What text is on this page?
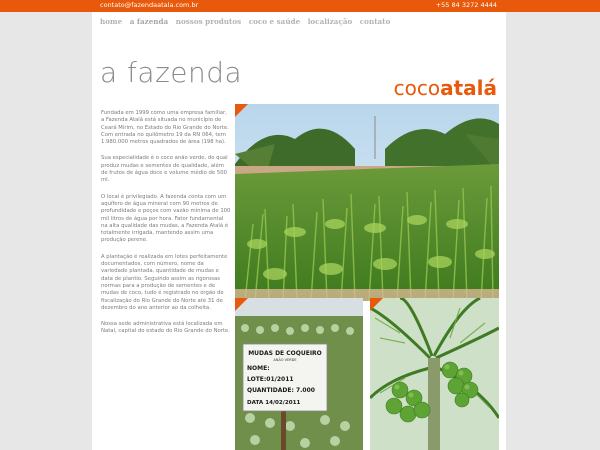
contato@fazendaatala.com.br	+55 84 3272 4444
home a fazenda nossos produtos coco e saúde localização contato
a fazenda	cocoatalá

Fundada em 1999 como uma empresa familiar, a Fazenda Atalá está situada no município de Ceará Mirim, no Estado do Rio Grande do Norte. Com entrada no quilômetro 19 da RN 064, tem 1.980.000 metros quadrados de área (198 ha).

Sua especialidade é o coco anão verde, do qual produz mudas e sementes de qualidade, além de frutos de água doce e volume médio de 500 ml.

O local é privilegiado. A fazenda conta com um aquífero de água mineral com 90 metros de profundidade e poços com vazão mínima de 100 mil litros de água por hora. Fator fundamental na alta qualidade das mudas, a Fazenda Atalá é totalmente irrigada, mantendo assim uma produção perene.

A plantação é realizada em lotes perfeitamente documentados, com número, nome da variedade plantada, quantidade de mudas e data de plantio. Seguindo assim as rigorosas normas para a produção de sementes e de mudas de coco, tudo é registrado no órgão de fiscalização do Rio Grande do Norte até 31 de dezembro do ano anterior ao da colheita.

Nossa sede administrativa está localizada em Natal, capital do estado do Rio Grande do Norte.

MUDAS DE COQUEIRO
ANÃO VERDE
NOME:
LOTE:01/2011
QUANTIDADE: 7.000
DATA 14/02/2011
